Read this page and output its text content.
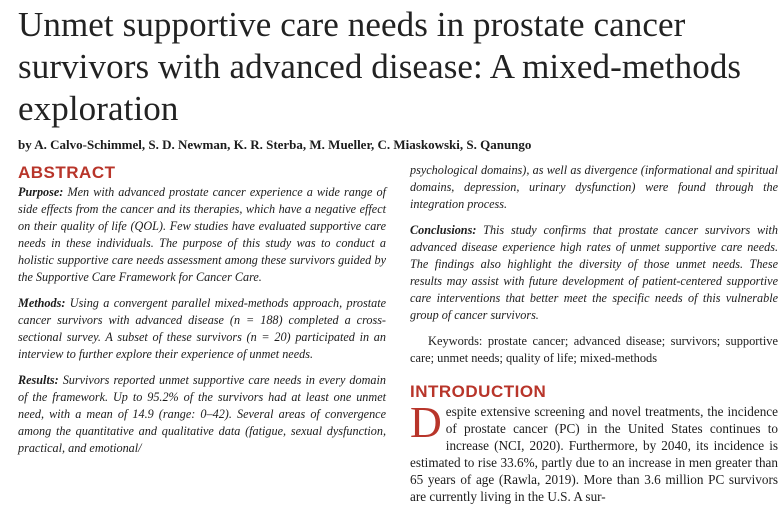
Unmet supportive care needs in prostate cancer survivors with advanced disease: A mixed-methods exploration
by A. Calvo-Schimmel, S. D. Newman, K. R. Sterba, M. Mueller, C. Miaskowski, S. Qanungo
ABSTRACT

Purpose: Men with advanced prostate cancer experience a wide range of side effects from the cancer and its therapies, which have a negative effect on their quality of life (QOL). Few studies have evaluated supportive care needs in these individuals. The purpose of this study was to conduct a holistic supportive care needs assessment among these survivors guided by the Supportive Care Framework for Cancer Care.

Methods: Using a convergent parallel mixed-methods approach, prostate cancer survivors with advanced disease (n = 188) completed a cross-sectional survey. A subset of these survivors (n = 20) participated in an interview to further explore their experience of unmet needs.

Results: Survivors reported unmet supportive care needs in every domain of the framework. Up to 95.2% of the survivors had at least one unmet need, with a mean of 14.9 (range: 0–42). Several areas of convergence among the quantitative and qualitative data (fatigue, sexual dysfunction, practical, and emotional/

psychological domains), as well as divergence (informational and spiritual domains, depression, urinary dysfunction) were found through the integration process.

Conclusions: This study confirms that prostate cancer survivors with advanced disease experience high rates of unmet supportive care needs. The findings also highlight the diversity of those unmet needs. These results may assist with future development of patient-centered supportive care interventions that better meet the specific needs of this vulnerable group of cancer survivors.

Keywords: prostate cancer; advanced disease; survivors; supportive care; unmet needs; quality of life; mixed-methods

INTRODUCTION

Despite extensive screening and novel treatments, the incidence of prostate cancer (PC) in the United States continues to increase (NCI, 2020). Furthermore, by 2040, its incidence is estimated to rise 33.6%, partly due to an increase in men greater than 65 years of age (Rawla, 2019). More than 3.6 million PC survivors are currently living in the U.S. A sur-
